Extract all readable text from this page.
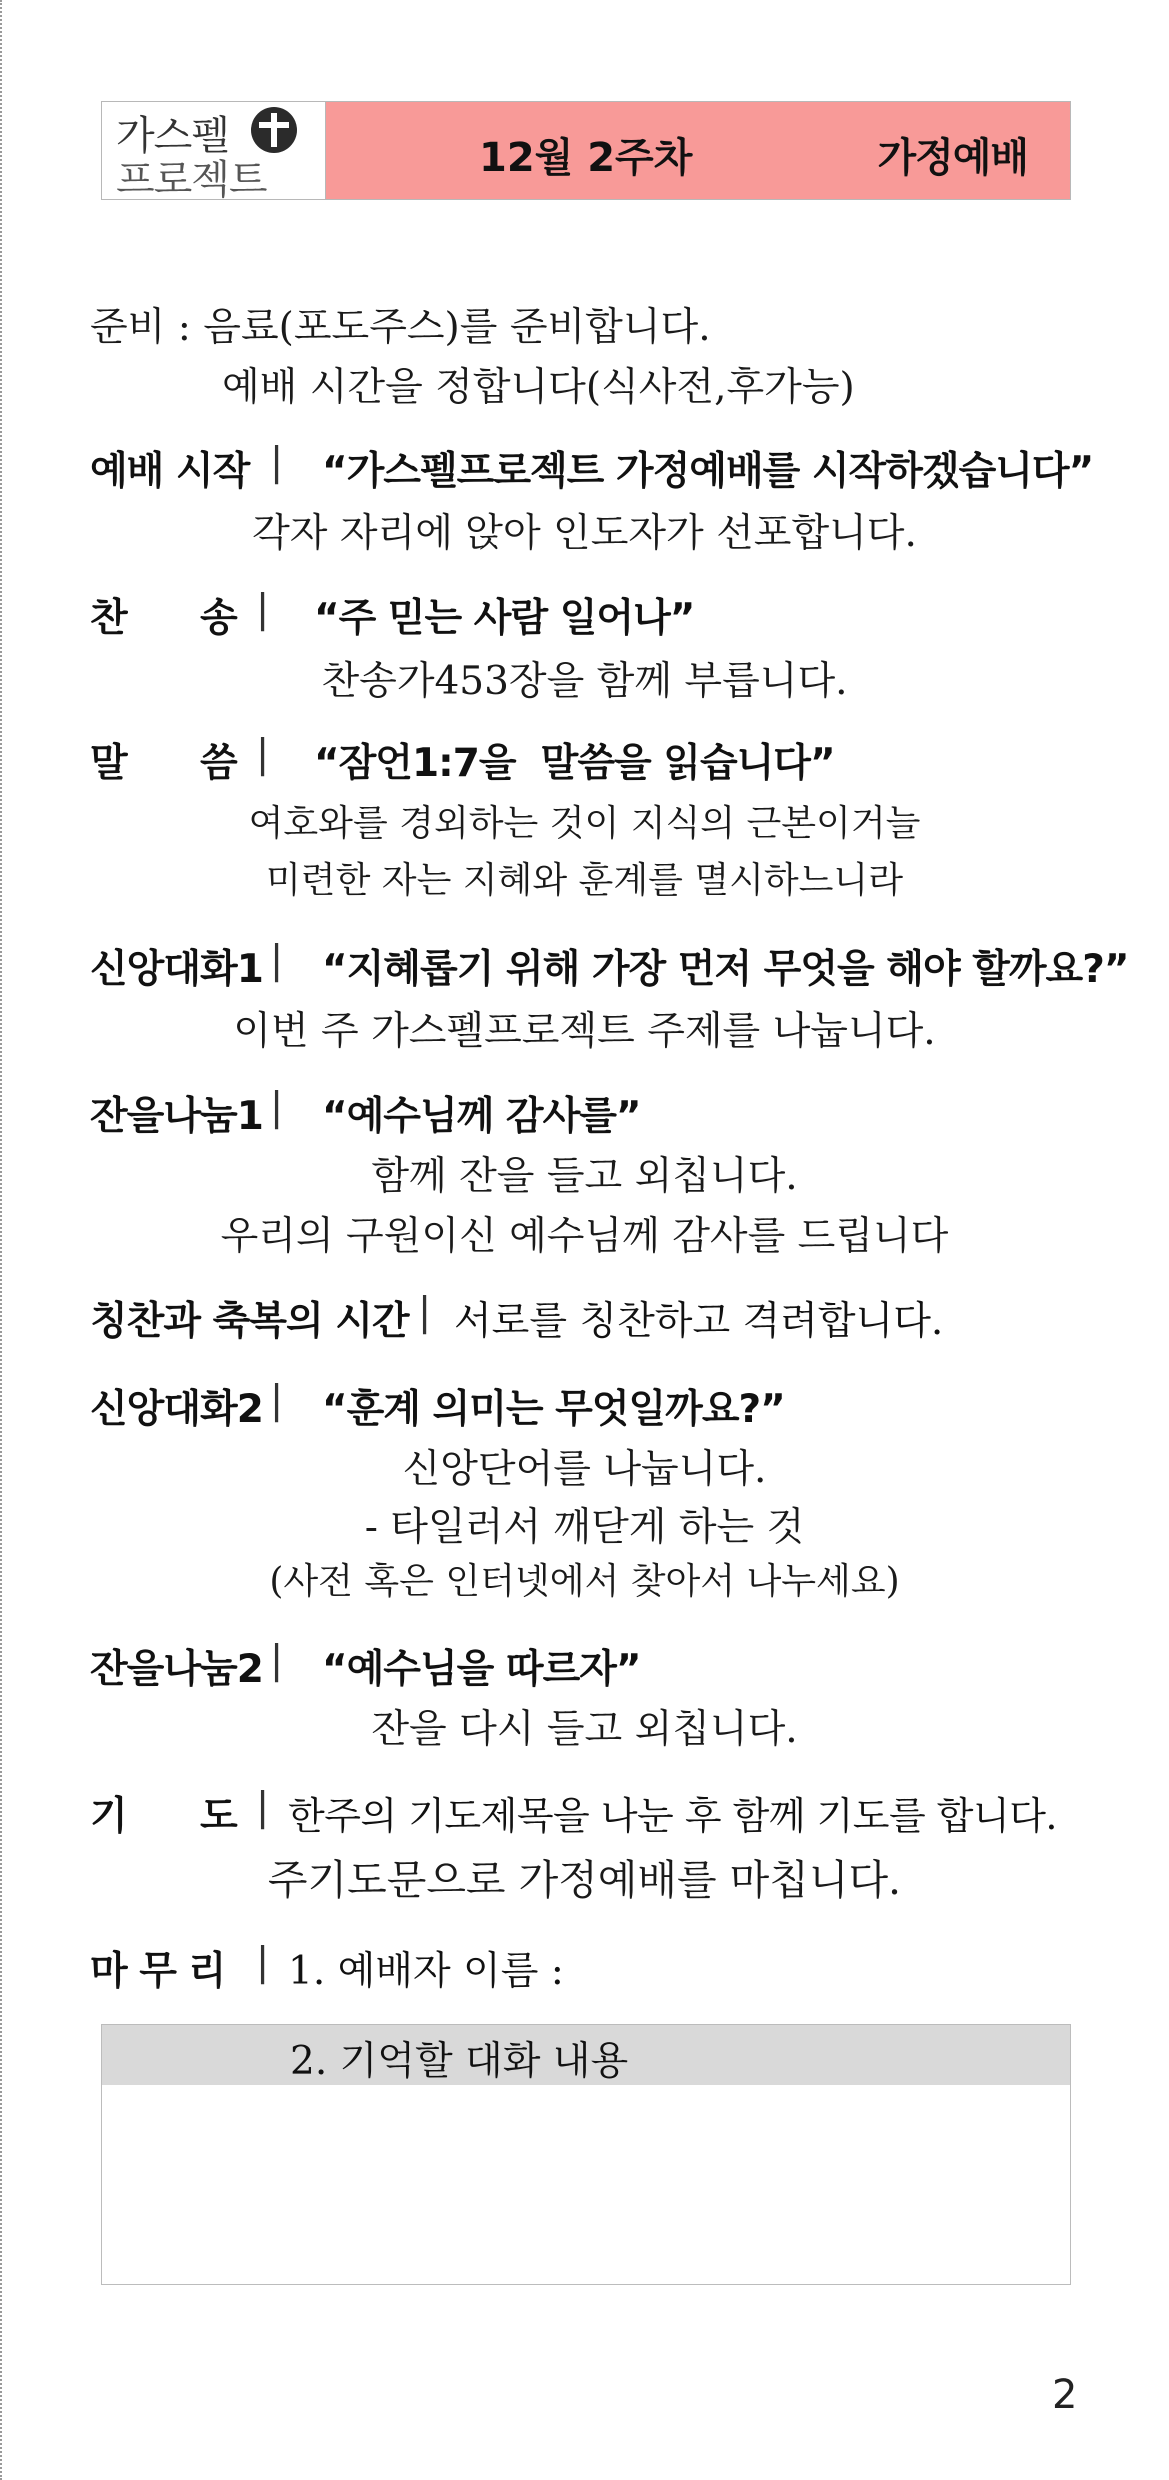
가스펠
프로젝트	12월 2주차	가정예배
준비 : 음료(포도주스)를 준비합니다.
예배 시간을 정합니다(식사전,후가능)
예배 시작 | “가스펠프로젝트 가정예배를 시작하겠습니다”
각자 자리에 앉아 인도자가 선포합니다.
찬 송 | “주 믿는 사람 일어나”
찬송가453장을 함께 부릅니다.
말 씀 | “잠언1:7을  말씀을 읽습니다”
여호와를 경외하는 것이 지식의 근본이거늘
미련한 자는 지혜와 훈계를 멸시하느니라
신앙대화1 | “지혜롭기 위해 가장 먼저 무엇을 해야 할까요?”
이번 주 가스펠프로젝트 주제를 나눕니다.
잔을나눔1 | “예수님께 감사를”
함께 잔을 들고 외칩니다.
우리의 구원이신 예수님께 감사를 드립니다
칭찬과 축복의 시간 | 서로를 칭찬하고 격려합니다.
신앙대화2 | “훈계 의미는 무엇일까요?”
신앙단어를 나눕니다.
- 타일러서 깨닫게 하는 것
(사전 혹은 인터넷에서 찾아서 나누세요)
잔을나눔2 | “예수님을 따르자”
잔을 다시 들고 외칩니다.
기 도 | 한주의 기도제목을 나눈 후 함께 기도를 합니다.
주기도문으로 가정예배를 마칩니다.
마 무 리 | 1. 예배자 이름 :
2. 기억할 대화 내용
2
